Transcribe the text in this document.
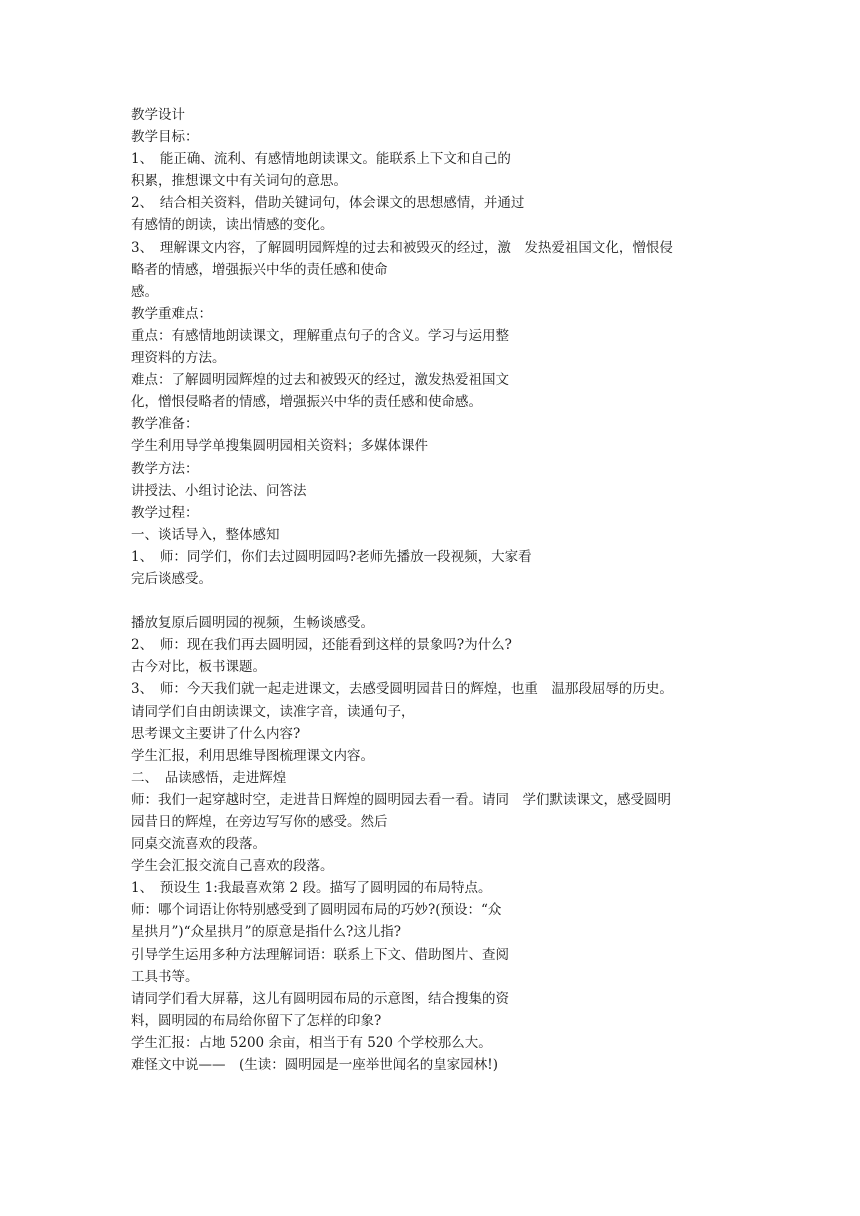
教学设计
教学目标：
1、　能正确、流利、有感情地朗读课文。能联系上下文和自己的
积累，推想课文中有关词句的意思。
2、　结合相关资料，借助关键词句，体会课文的思想感情，并通过
有感情的朗读，读出情感的变化。
3、　理解课文内容，了解圆明园辉煌的过去和被毁灭的经过，激　发热爱祖国文化，憎恨侵
略者的情感，增强振兴中华的责任感和使命
感。
教学重难点：
重点：有感情地朗读课文，理解重点句子的含义。学习与运用整
理资料的方法。
难点：了解圆明园辉煌的过去和被毁灭的经过，激发热爱祖国文
化，憎恨侵略者的情感，增强振兴中华的责任感和使命感。
教学准备：
学生利用导学单搜集圆明园相关资料；多媒体课件
教学方法：
讲授法、小组讨论法、问答法
教学过程：
一、谈话导入，整体感知
1、　师：同学们，你们去过圆明园吗?老师先播放一段视频，大家看
完后谈感受。
播放复原后圆明园的视频，生畅谈感受。
2、　师：现在我们再去圆明园，还能看到这样的景象吗?为什么?
古今对比，板书课题。
3、　师：今天我们就一起走进课文，去感受圆明园昔日的辉煌，也重　温那段屈辱的历史。
请同学们自由朗读课文，读准字音，读通句子，
思考课文主要讲了什么内容?
学生汇报，利用思维导图梳理课文内容。
二、　品读感悟，走进辉煌
师：我们一起穿越时空，走进昔日辉煌的圆明园去看一看。请同　学们默读课文，感受圆明
园昔日的辉煌，在旁边写写你的感受。然后
同桌交流喜欢的段落。
学生会汇报交流自己喜欢的段落。
1、　预设生 1:我最喜欢第 2 段。描写了圆明园的布局特点。
师：哪个词语让你特别感受到了圆明园布局的巧妙?(预设：“众
星拱月”)“众星拱月”的原意是指什么?这儿指?
引导学生运用多种方法理解词语：联系上下文、借助图片、查阅
工具书等。
请同学们看大屏幕，这儿有圆明园布局的示意图，结合搜集的资
料，圆明园的布局给你留下了怎样的印象?
学生汇报：占地 5200 余亩，相当于有 520 个学校那么大。
难怪文中说——　(生读：圆明园是一座举世闻名的皇家园林!)
